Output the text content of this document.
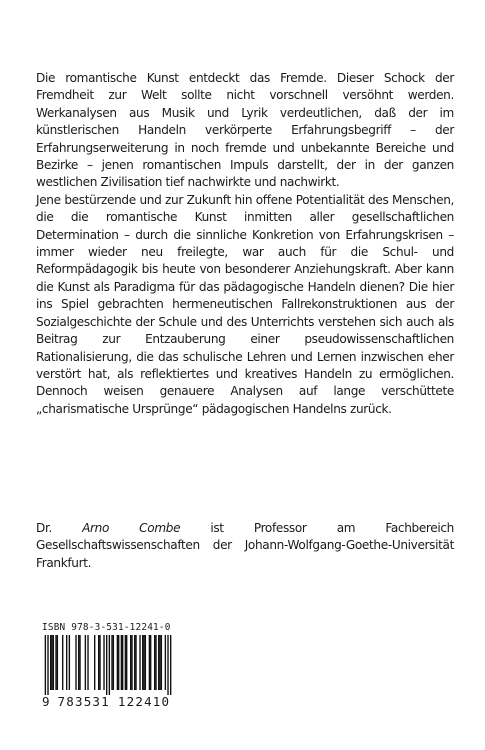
Die romantische Kunst entdeckt das Fremde. Dieser Schock der Fremdheit zur Welt sollte nicht vorschnell versöhnt werden. Werkanalysen aus Musik und Lyrik verdeutlichen, daß der im künstlerischen Handeln verkörperte Erfahrungsbegriff – der Erfahrungserweiterung in noch fremde und unbekannte Bereiche und Bezirke – jenen romantischen Impuls darstellt, der in der ganzen westlichen Zivilisation tief nachwirkte und nachwirkt.

Jene bestürzende und zur Zukunft hin offene Potentialität des Menschen, die die romantische Kunst inmitten aller gesellschaftlichen Determination – durch die sinnliche Konkretion von Erfahrungskrisen – immer wieder neu freilegte, war auch für die Schul- und Reformpädagogik bis heute von besonderer Anziehungskraft. Aber kann die Kunst als Paradigma für das pädagogische Handeln dienen? Die hier ins Spiel gebrachten hermeneutischen Fallrekonstruktionen aus der Sozialgeschichte der Schule und des Unterrichts verstehen sich auch als Beitrag zur Entzauberung einer pseudowissenschaftlichen Rationalisierung, die das schulische Lehren und Lernen inzwischen eher verstört hat, als reflektiertes und kreatives Handeln zu ermöglichen. Dennoch weisen genauere Analysen auf lange verschüttete „charismatische Ursprünge“ pädagogischen Handelns zurück.

Dr. Arno Combe ist Professor am Fachbereich Gesellschaftswissenschaften der Johann-Wolfgang-Goethe-Universität Frankfurt.

ISBN 978-3-531-12241-0
9 783531 122410
